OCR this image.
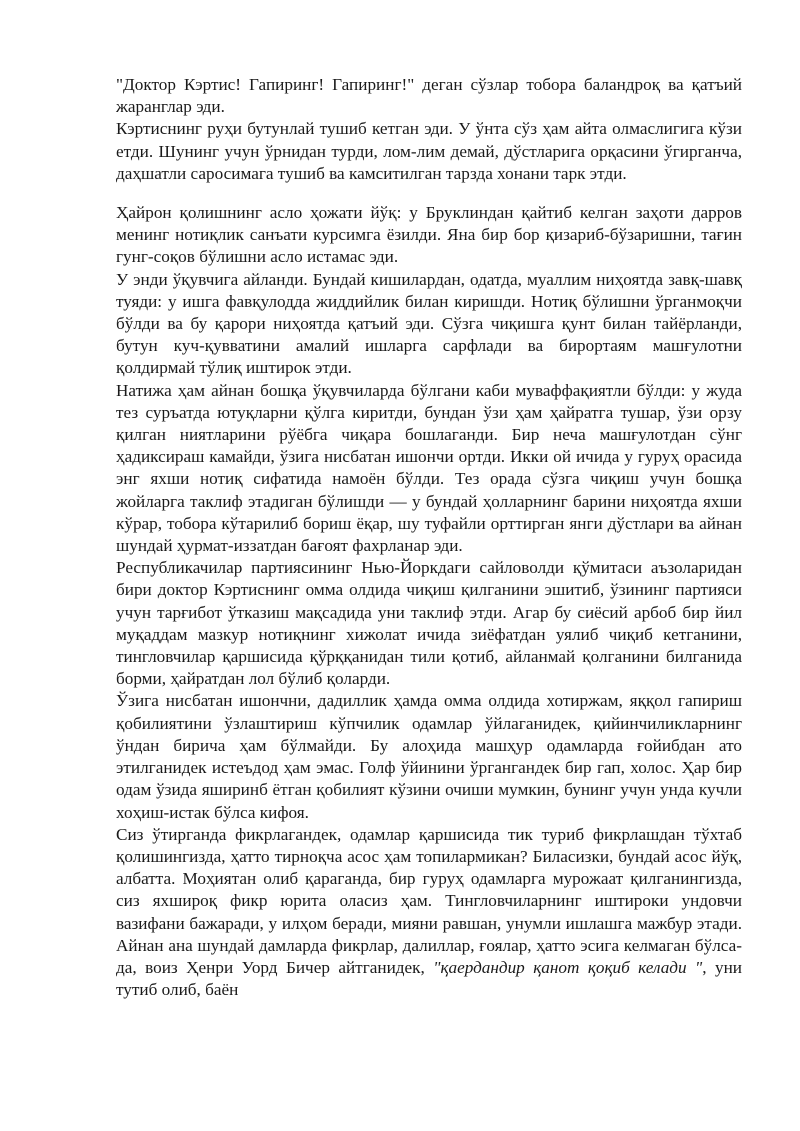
"Доктор Кэртис! Гапиринг! Гапиринг!" деган сўзлар тобора баландроқ ва қатъий жаранглар эди.

Кэртиснинг руҳи бутунлай тушиб кетган эди. У ўнта сўз ҳам айта олмаслигига кўзи етди. Шунинг учун ўрнидан турди, лом-лим демай, дўстларига орқасини ўгирганча, даҳшатли саросимага тушиб ва камситилган тарзда хонани тарк этди.

Ҳайрон қолишнинг асло ҳожати йўқ: у Бруклиндан қайтиб келган заҳоти дарров менинг нотиқлик санъати курсимга ёзилди. Яна бир бор қизариб-бўзаришни, тағин гунг-соқов бўлишни асло истамас эди.

У энди ўқувчига айланди. Бундай кишилардан, одатда, муаллим ниҳоятда завқ-шавқ туяди: у ишга фавқулодда жиддийлик билан киришди. Нотиқ бўлишни ўрганмоқчи бўлди ва бу қарори ниҳоятда қатъий эди. Сўзга чиқишга қунт билан тайёрланди, бутун куч-қувватини амалий ишларга сарфлади ва бирортаям машғулотни қолдирмай тўлиқ иштирок этди.

Натижа ҳам айнан бошқа ўқувчиларда бўлгани каби муваффақиятли бўлди: у жуда тез суръатда ютуқларни қўлга киритди, бундан ўзи ҳам ҳайратга тушар, ўзи орзу қилган ниятларини рўёбга чиқара бошлаганди. Бир неча машғулотдан сўнг ҳадиксираш камайди, ўзига нисбатан ишончи ортди. Икки ой ичида у гуруҳ орасида энг яхши нотиқ сифатида намоён бўлди. Тез орада сўзга чиқиш учун бошқа жойларга таклиф этадиган бўлишди — у бундай ҳолларнинг барини ниҳоятда яхши кўрар, тобора кўтарилиб бориш ёқар, шу туфайли орттирган янги дўстлари ва айнан шундай ҳурмат-иззатдан бағоят фахрланар эди.

Республикачилар партиясининг Нью-Йоркдаги сайловолди қўмитаси аъзоларидан бири доктор Кэртиснинг омма олдида чиқиш қилганини эшитиб, ўзининг партияси учун тарғибот ўтказиш мақсадида уни таклиф этди. Агар бу сиёсий арбоб бир йил муқаддам мазкур нотиқнинг хижолат ичида зиёфатдан уялиб чиқиб кетганини, тингловчилар қаршисида қўрққанидан тили қотиб, айланмай қолганини билганида борми, ҳайратдан лол бўлиб қоларди.

Ўзига нисбатан ишончни, дадиллик ҳамда омма олдида хотиржам, яққол гапириш қобилиятини ўзлаштириш кўпчилик одамлар ўйлаганидек, қийинчиликларнинг ўндан бирича ҳам бўлмайди. Бу алоҳида машҳур одамларда ғойибдан ато этилганидек истеъдод ҳам эмас. Голф ўйинини ўргангандек бир гап, холос. Ҳар бир одам ўзида яширинб ётган қобилият кўзини очиши мумкин, бунинг учун унда кучли хоҳиш-истак бўлса кифоя.

Сиз ўтирганда фикрлагандек, одамлар қаршисида тик туриб фикрлашдан тўхтаб қолишингизда, ҳатто тирноқча асос ҳам топилармикан? Биласизки, бундай асос йўқ, албатта. Моҳиятан олиб қараганда, бир гуруҳ одамларга мурожаат қилганингизда, сиз яхшироқ фикр юрита оласиз ҳам. Тингловчиларнинг иштироки ундовчи вазифани бажаради, у илҳом беради, мияни равшан, унумли ишлашга мажбур этади. Айнан ана шундай дамларда фикрлар, далиллар, ғоялар, ҳатто эсига келмаган бўлса-да, воиз Ҳенри Уорд Бичер айтганидек, "қаердандир қанот қоқиб келади ", уни тутиб олиб, баён
